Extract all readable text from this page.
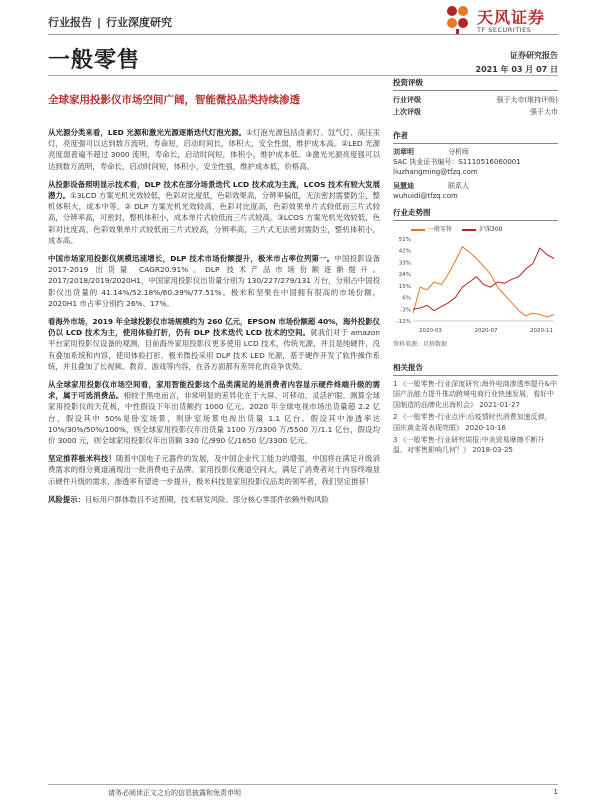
行业报告 | 行业深度研究	天风证券
TF SECURITIES
一般零售	证券研究报告
2021 年 03 月 07 日
全球家用投影仪市场空间广阔，智能微投品类持续渗透

从光源分类来看，LED 光源和激光光源逐渐迭代灯泡光源。①灯泡光源包括卤素灯、氙气灯、高压汞灯，亮度强可以达到数万流明，寿命短，启动时间长，体积大，安全性弱，维护成本高。②LED 光源亮度弱普遍不超过 3000 流明，寿命长，启动时间短，体积小，维护成本低。③激光光源亮度强可以达到数万流明，寿命长，启动时间短，体积小，安全性强，维护成本低，价格高。

从投影设备照明显示技术看，DLP 技术在部分场景迭代 LCD 技术成为主流，LCOS 技术有较大发展潜力。①3LCD 方案光机光效较低，色彩对比度低，色彩效果高，分辨率偏低，无法密封需要防尘，整机体积大，成本中等。② DLP 方案光机光效较高，色彩对比度高，色彩效果单片式较低而三片式较高，分辨率高，可密封，整机体积小，成本单片式较低而三片式较高。③LCOS 方案光机光效较低，色彩对比度高，色彩效果单片式较低而三片式较高，分辨率高，三片式无法密封需防尘，整机体积小，成本高。

中国市场家用投影仪规模迅速增长，DLP 技术市场份额提升，极米市占率位列第一。中国投影设备 2017-2019 出货量 CAGR20.91%。DLP 技术产品市场份额逐渐提升。2017/2018/2019/2020H1，中国家用投影仪出货量分别为 130/227/279/131 万台，分别占中国投影仪出货量的 41.14%/52.18%/60.39%/77.51%。极米和坚果在中国拥有很高的市场份额，2020H1 市占率分别约 26%、17%。

看海外市场，2019 年全球投影仪市场规模约为 260 亿元，EPSON 市场份额超 40%，海外投影仪仍以 LCD 技术为主，使用体验打折，仍有 DLP 技术迭代 LCD 技术的空间。就我们对于 amazon 平台家用投影仪设备的观测，目前海外家用投影仪更多使用 LCD 技术，传统光源，并且是纯硬件，没有叠加系统和内容，使用体验打折。极米微投采用 DLP 技术 LED 光源，基于硬件开发了软件操作系统，并且叠加了长视频、教育、游戏等内容，在各方面都有差异化的竞争优势。

从全球家用投影仪市场空间看，家用智能投影这个品类满足的是消费者内容显示硬件终端升级的需求，属于可选消费品。相较于黑电而言，非常明显的差异化在于大屏、可移动、灵活护眼。测算全球家用投影仪的天花板，中性假设下年出货额约 1000 亿元。2020 年全球电视市场出货量超 2.2 亿台，假设其中 50%是卧室场景，则卧室场景电视出货量 1.1 亿台。假设其中渗透率达 10%/30%/50%/100%，则全球家用投影仪年出货量 1100 万/3300 万/5500 万/1.1 亿台，假设均价 3000 元，则全球家用投影仪年出货额 330 亿/990 亿/1650 亿/3300 亿元。

坚定推荐极米科技！随着中国电子元器件的发展，及中国企业代工能力的增强，中国将在满足升级消费需求的细分赛道涌现出一批消费电子品牌。家用投影仪赛道空间大，满足了消费者对于内容终端显示硬件升级的需求，渗透率有望进一步提升，极米科技是家用投影仪品类的领军者，我们坚定推荐！

风险提示：目标用户群体数目不达预期，技术研发风险、部分核心零部件依赖外购风险

投资评级
行业评级	强于大市(维持评级)
上次评级	强于大市
作者
刘章明	分析师
SAC 执业证书编号：S1110516060001
liuzhangming@tfzq.com
吴慧迪	联系人
wuhuidi@tfzq.com
行业走势图
一般零售	沪深300
-12%
-3%
6%
15%
24%
33%
42%
51%
2020-03	2020-07	2020-11
资料来源：贝格数据
相关报告
1 《一般零售-行业深度研究:海外电商渗透率提升&中国产品能力提升推动跨境电商行业快速发展，看好中国制造的品牌化出海机会》 2021-01-27
2 《一般零售-行业点评:后疫情时代消费加速反弹，国庆黄金周表现亮眼》 2020-10-16
3 《一般零售-行业研究周报:中美贸易摩擦不断升温，对零售影响几何？》 2018-03-25
请务必阅读正文之后的信息披露和免责申明	1
